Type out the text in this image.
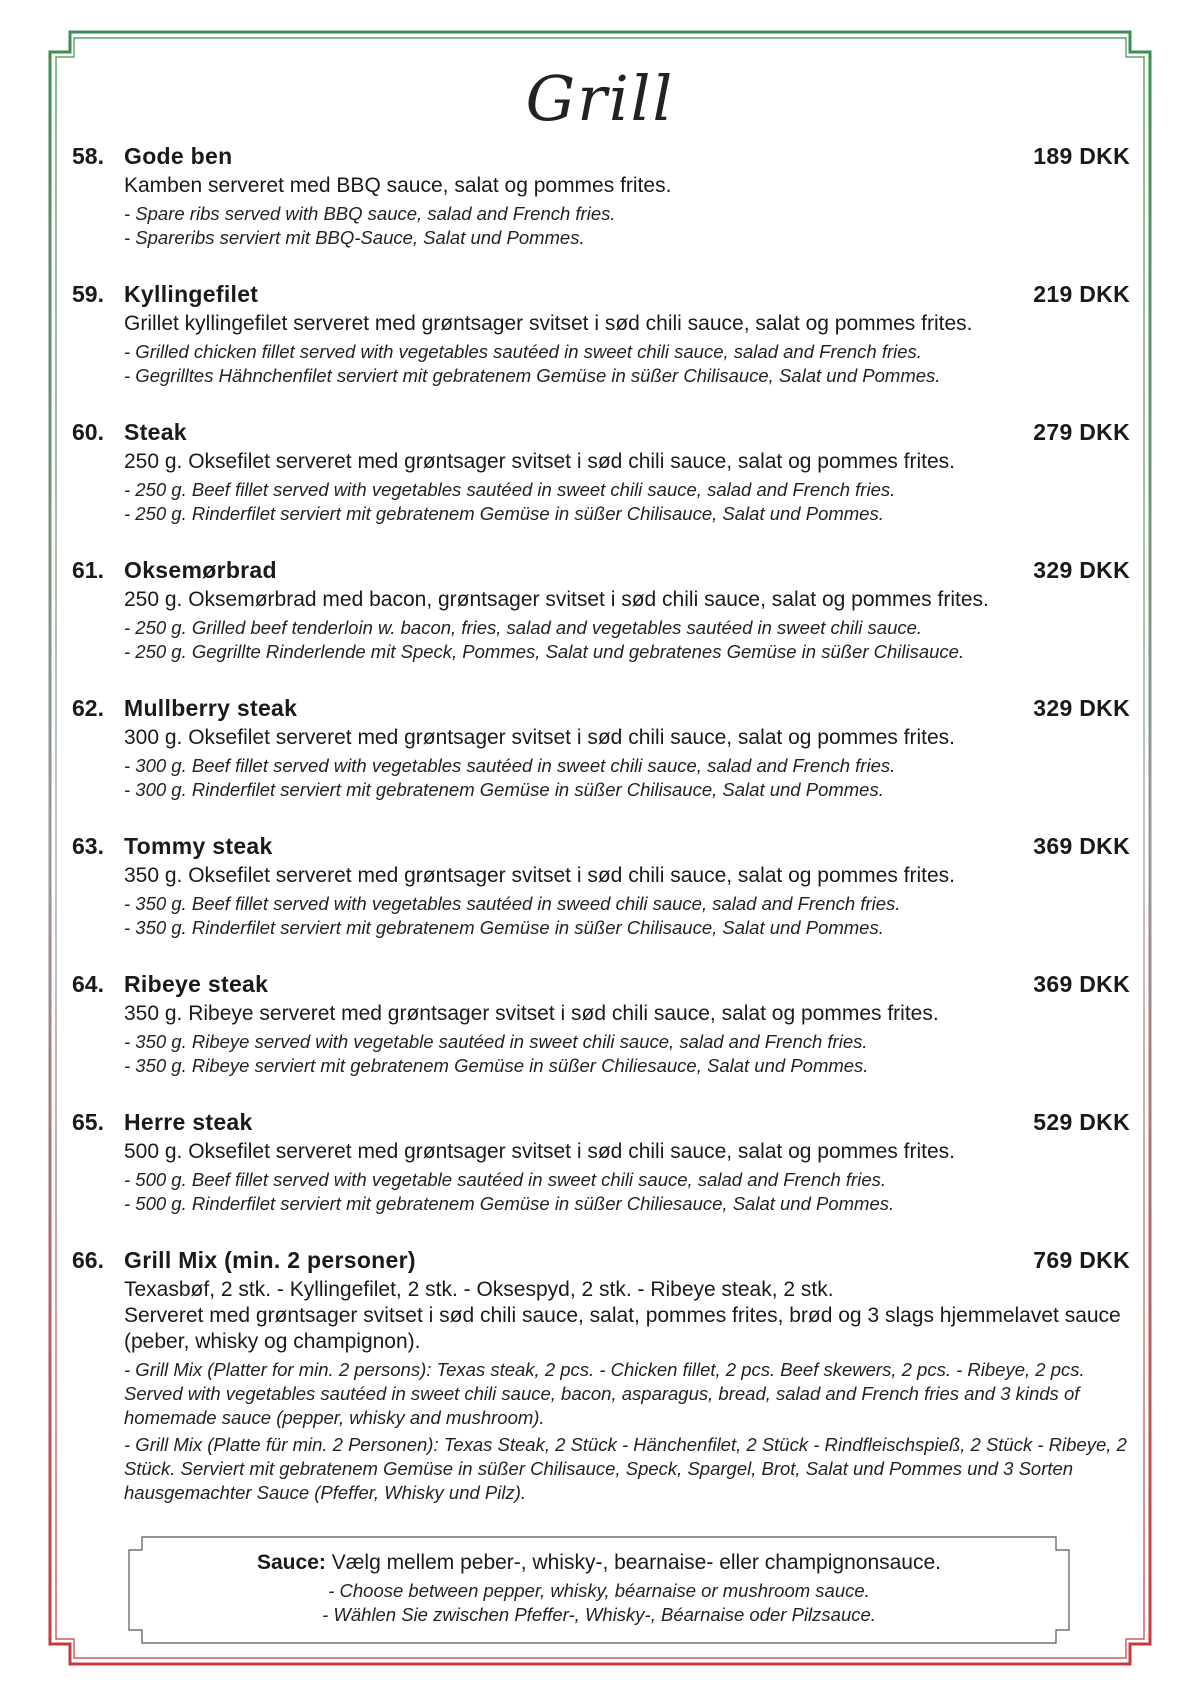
Grill
58. Gode ben	189 DKK

Kamben serveret med BBQ sauce, salat og pommes frites.

- Spare ribs served with BBQ sauce, salad and French fries.

- Spareribs serviert mit BBQ-Sauce, Salat und Pommes.

59. Kyllingefilet	219 DKK

Grillet kyllingefilet serveret med grøntsager svitset i sød chili sauce, salat og pommes frites.

- Grilled chicken fillet served with vegetables sautéed in sweet chili sauce, salad and French fries.

- Gegrilltes Hähnchenfilet serviert mit gebratenem Gemüse in süßer Chilisauce, Salat und Pommes.

60. Steak	279 DKK

250 g. Oksefilet serveret med grøntsager svitset i sød chili sauce, salat og pommes frites.

- 250 g. Beef fillet served with vegetables sautéed in sweet chili sauce, salad and French fries.

- 250 g. Rinderfilet serviert mit gebratenem Gemüse in süßer Chilisauce, Salat und Pommes.

61. Oksemørbrad	329 DKK

250 g. Oksemørbrad med bacon, grøntsager svitset i sød chili sauce, salat og pommes frites.

- 250 g. Grilled beef tenderloin w. bacon, fries, salad and vegetables sautéed in sweet chili sauce.

- 250 g. Gegrillte Rinderlende mit Speck, Pommes, Salat und gebratenes Gemüse in süßer Chilisauce.

62. Mullberry steak	329 DKK

300 g. Oksefilet serveret med grøntsager svitset i sød chili sauce, salat og pommes frites.

- 300 g. Beef fillet served with vegetables sautéed in sweet chili sauce, salad and French fries.

- 300 g. Rinderfilet serviert mit gebratenem Gemüse in süßer Chilisauce, Salat und Pommes.

63. Tommy steak	369 DKK

350 g. Oksefilet serveret med grøntsager svitset i sød chili sauce, salat og pommes frites.

- 350 g. Beef fillet served with vegetables sautéed in sweed chili sauce, salad and French fries.

- 350 g. Rinderfilet serviert mit gebratenem Gemüse in süßer Chilisauce, Salat und Pommes.

64. Ribeye steak	369 DKK

350 g. Ribeye serveret med grøntsager svitset i sød chili sauce, salat og pommes frites.

- 350 g. Ribeye served with vegetable sautéed in sweet chili sauce, salad and French fries.

- 350 g. Ribeye serviert mit gebratenem Gemüse in süßer Chiliesauce, Salat und Pommes.

65. Herre steak	529 DKK

500 g. Oksefilet serveret med grøntsager svitset i sød chili sauce, salat og pommes frites.

- 500 g. Beef fillet served with vegetable sautéed in sweet chili sauce, salad and French fries.

- 500 g. Rinderfilet serviert mit gebratenem Gemüse in süßer Chiliesauce, Salat und Pommes.

66. Grill Mix (min. 2 personer)	769 DKK

Texasbøf, 2 stk. - Kyllingefilet, 2 stk. - Oksespyd, 2 stk. - Ribeye steak, 2 stk.

Serveret med grøntsager svitset i sød chili sauce, salat, pommes frites, brød og 3 slags hjemmelavet sauce (peber, whisky og champignon).

- Grill Mix (Platter for min. 2 persons): Texas steak, 2 pcs. - Chicken fillet, 2 pcs. Beef skewers, 2 pcs. - Ribeye, 2 pcs. Served with vegetables sautéed in sweet chili sauce, bacon, asparagus, bread, salad and French fries and 3 kinds of homemade sauce (pepper, whisky and mushroom).

- Grill Mix (Platte für min. 2 Personen): Texas Steak, 2 Stück - Hänchenfilet, 2 Stück - Rindfleischspieß, 2 Stück - Ribeye, 2 Stück. Serviert mit gebratenem Gemüse in süßer Chilisauce, Speck, Spargel, Brot, Salat und Pommes und 3 Sorten hausgemachter Sauce (Pfeffer, Whisky und Pilz).

Sauce: Vælg mellem peber-, whisky-, bearnaise- eller champignonsauce.

- Choose between pepper, whisky, béarnaise or mushroom sauce.

- Wählen Sie zwischen Pfeffer-, Whisky-, Béarnaise oder Pilzsauce.
